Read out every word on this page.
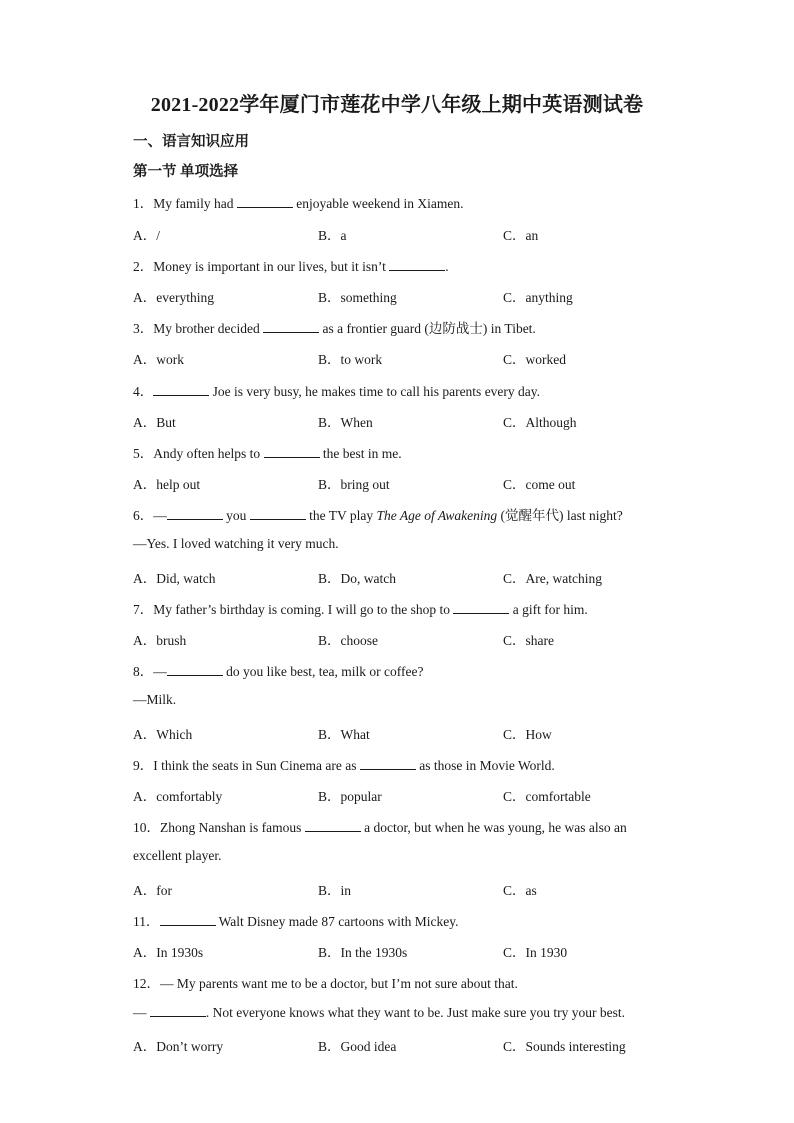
2021-2022学年厦门市莲花中学八年级上期中英语测试卷
一、语言知识应用
第一节 单项选择
1．My family had	enjoyable weekend in Xiamen.
A．/	B．a	C．an
2．Money is important in our lives, but it isn’t	.
A．everything	B．something	C．anything
3．My brother decided	as a frontier guard (边防战士) in Tibet.
A．work	B．to work	C．worked
4．	Joe is very busy, he makes time to call his parents every day.
A．But	B．When	C．Although
5．Andy often helps to	the best in me.
A．help out	B．bring out	C．come out
6．—	you	the TV play The Age of Awakening (觉醒年代) last night?
—Yes. I loved watching it very much.
A．Did, watch	B．Do, watch	C．Are, watching
7．My father’s birthday is coming. I will go to the shop to	a gift for him.
A．brush	B．choose	C．share
8．—	do you like best, tea, milk or coffee?
—Milk.
A．Which	B．What	C．How
9．I think the seats in Sun Cinema are as	as those in Movie World.
A．comfortably	B．popular	C．comfortable
10．Zhong Nanshan is famous	a doctor, but when he was young, he was also an
excellent player.
A．for	B．in	C．as
11．	Walt Disney made 87 cartoons with Mickey.
A．In 1930s	B．In the 1930s	C．In 1930
12．— My parents want me to be a doctor, but I’m not sure about that.
—	. Not everyone knows what they want to be. Just make sure you try your best.
A．Don’t worry	B．Good idea	C．Sounds interesting
